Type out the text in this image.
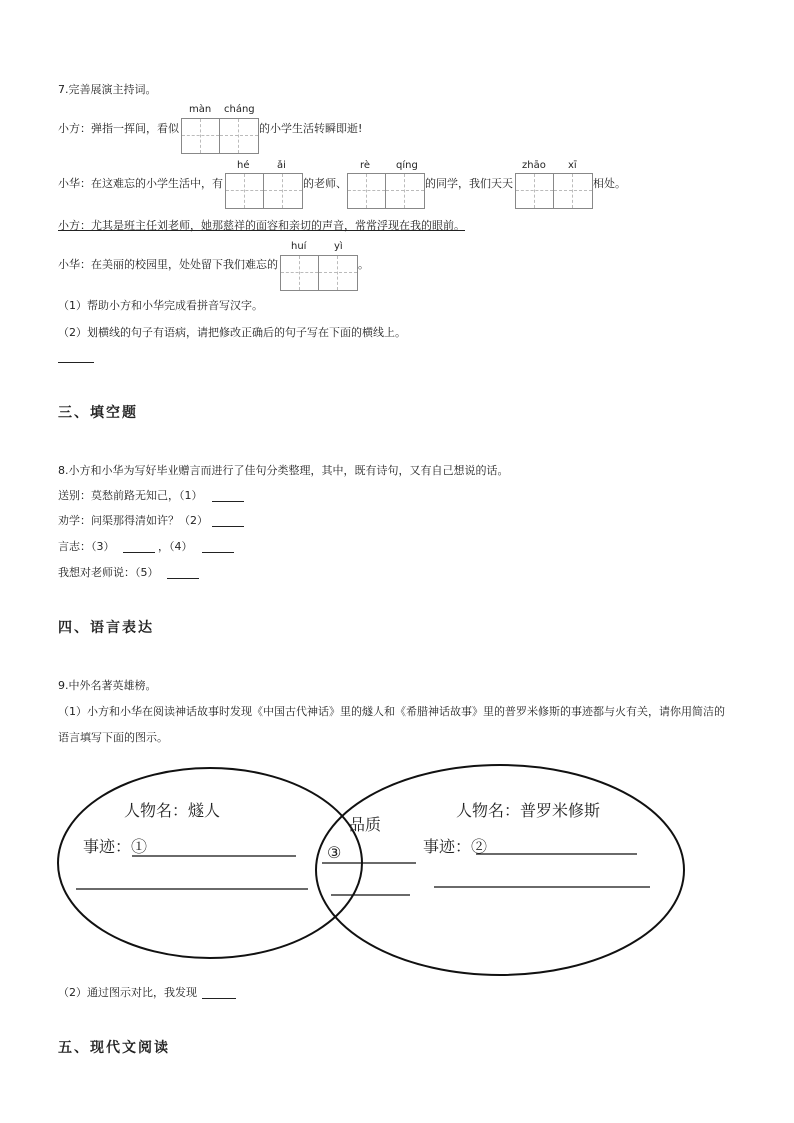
7.完善展演主持词。
màn cháng
小方：弹指一挥间，看似	的小学生活转瞬即逝!
hé	ǎi	rè	qíng	zhāo xī
小华：在这难忘的小学生活中，有	的老师、	的同学，我们天天	相处。
小方：尤其是班主任刘老师，她那慈祥的面容和亲切的声音，常常浮现在我的眼前。
huí	yì
小华：在美丽的校园里，处处留下我们难忘的	。
（1）帮助小方和小华完成看拼音写汉字。
（2）划横线的句子有语病，请把修改正确后的句子写在下面的横线上。
三、填空题
8.小方和小华为写好毕业赠言而进行了佳句分类整理，其中，既有诗句，又有自己想说的话。
送别：莫愁前路无知己，（1）
劝学：问渠那得清如许？（2）
言志：（3）	，（4）
我想对老师说：（5）
四、语言表达
9.中外名著英雄榜。
（1）小方和小华在阅读神话故事时发现《中国古代神话》里的燧人和《希腊神话故事》里的普罗米修斯的事迹都与火有关，请你用简洁的
语言填写下面的图示。
人物名：燧人
事迹：①
品质
③
人物名：普罗米修斯
事迹：②
（2）通过图示对比，我发现
五、现代文阅读
